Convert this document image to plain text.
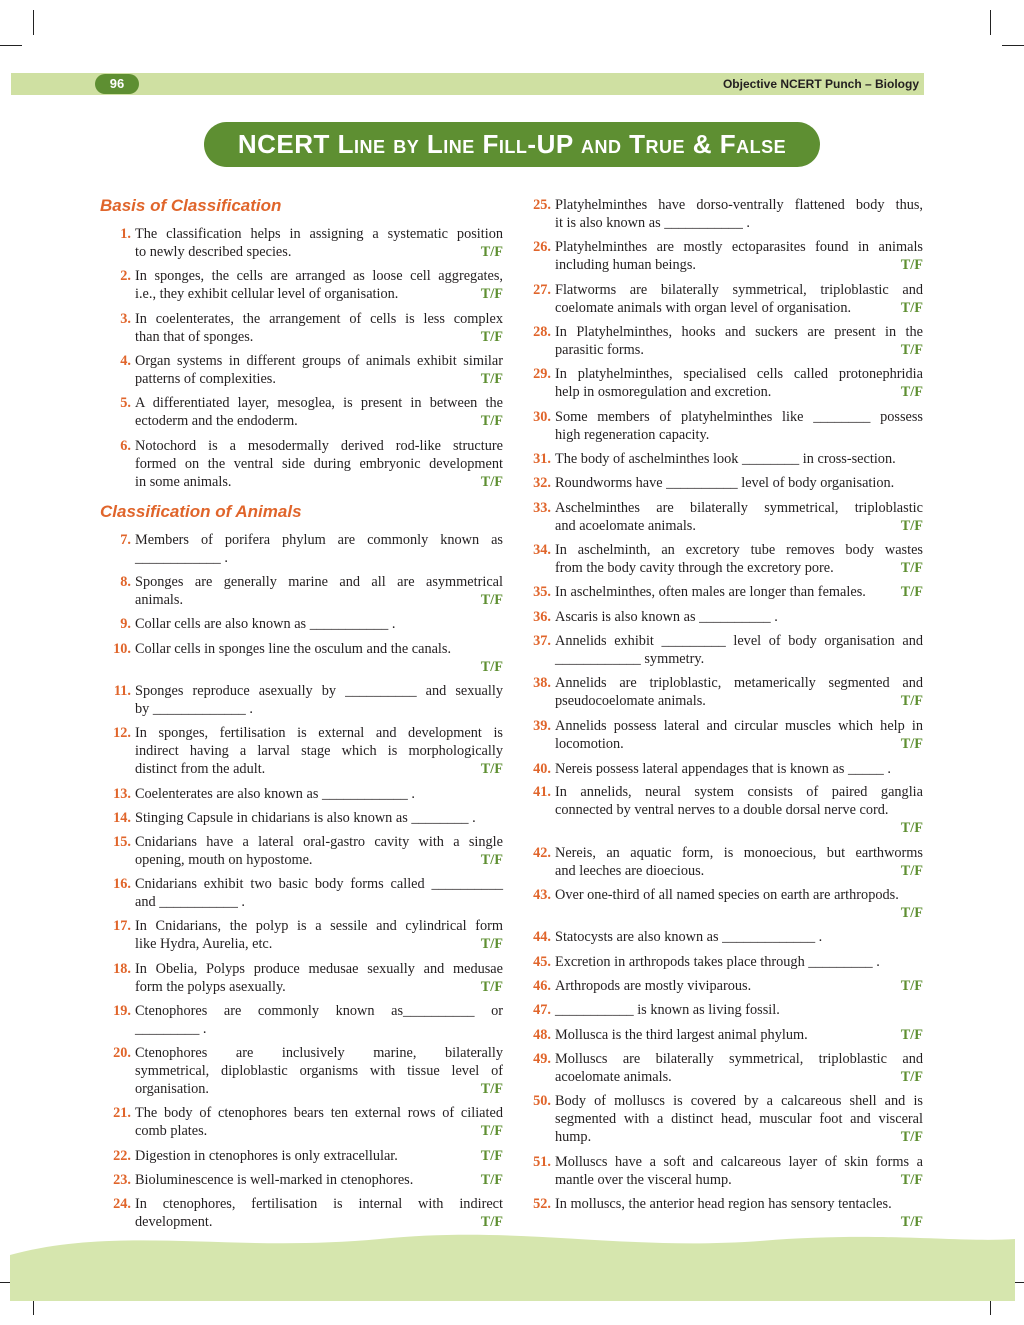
96	Objective NCERT Punch – Biology
NCERT Line by Line Fill-UP and True & False
Basis of Classification
Classification of Animals
1. The classification helps in assigning a systematic position

to newly described species.	T/F
2. In sponges, the cells are arranged as loose cell aggregates,

i.e., they exhibit cellular level of organisation.	T/F
3. In coelenterates, the arrangement of cells is less complex

than that of sponges.	T/F
4. Organ systems in different groups of animals exhibit similar

patterns of complexities.	T/F
5. A differentiated layer, mesoglea, is present in between the

ectoderm and the endoderm.	T/F
6. Notochord is a mesodermally derived rod-like structure

formed on the ventral side during embryonic development

in some animals.	T/F
7. Members of porifera phylum are commonly known as

____________ .

8. Sponges are generally marine and all are asymmetrical

animals.	T/F
9. Collar cells are also known as ___________ .

10. Collar cells in sponges line the osculum and the canals.

T/F
11. Sponges reproduce asexually by __________ and sexually

by _____________ .

12. In sponges, fertilisation is external and development is

indirect having a larval stage which is morphologically

distinct from the adult.	T/F
13. Coelenterates are also known as ____________ .

14. Stinging Capsule in chidarians is also known as ________ .

15. Cnidarians have a lateral oral-gastro cavity with a single

opening, mouth on hypostome.	T/F
16. Cnidarians exhibit two basic body forms called __________

and ___________ .

17. In Cnidarians, the polyp is a sessile and cylindrical form

like Hydra, Aurelia, etc.	T/F
18. In Obelia, Polyps produce medusae sexually and medusae

form the polyps asexually.	T/F
19. Ctenophores are commonly known as__________ or

_________ .

20. Ctenophores are inclusively marine, bilaterally

symmetrical, diploblastic organisms with tissue level of

organisation.	T/F
21. The body of ctenophores bears ten external rows of ciliated

comb plates.	T/F
22. Digestion in ctenophores is only extracellular.	T/F
23. Bioluminescence is well-marked in ctenophores.	T/F
24. In ctenophores, fertilisation is internal with indirect

development.	T/F
25. Platyhelminthes have dorso-ventrally flattened body thus,

it is also known as ___________ .

26. Platyhelminthes are mostly ectoparasites found in animals

including human beings.	T/F
27. Flatworms are bilaterally symmetrical, triploblastic and

coelomate animals with organ level of organisation.	T/F
28. In Platyhelminthes, hooks and suckers are present in the

parasitic forms.	T/F
29. In platyhelminthes, specialised cells called protonephridia

help in osmoregulation and excretion.	T/F
30. Some members of platyhelminthes like ________ possess

high regeneration capacity.

31. The body of aschelminthes look ________ in cross-section.

32. Roundworms have __________ level of body organisation.

33. Aschelminthes are bilaterally symmetrical, triploblastic

and acoelomate animals.	T/F
34. In aschelminth, an excretory tube removes body wastes

from the body cavity through the excretory pore.	T/F
35. In aschelminthes, often males are longer than females.	T/F
36. Ascaris is also known as __________ .

37. Annelids exhibit _________ level of body organisation and

____________ symmetry.

38. Annelids are triploblastic, metamerically segmented and

pseudocoelomate animals.	T/F
39. Annelids possess lateral and circular muscles which help in

locomotion.	T/F
40. Nereis possess lateral appendages that is known as _____ .

41. In annelids, neural system consists of paired ganglia

connected by ventral nerves to a double dorsal nerve cord.

T/F
42. Nereis, an aquatic form, is monoecious, but earthworms

and leeches are dioecious.	T/F
43. Over one-third of all named species on earth are arthropods.

T/F
44. Statocysts are also known as _____________ .

45. Excretion in arthropods takes place through _________ .

46. Arthropods are mostly viviparous.	T/F
47. ___________ is known as living fossil.

48. Mollusca is the third largest animal phylum.	T/F
49. Molluscs are bilaterally symmetrical, triploblastic and

acoelomate animals.	T/F
50. Body of molluscs is covered by a calcareous shell and is

segmented with a distinct head, muscular foot and visceral

hump.	T/F
51. Molluscs have a soft and calcareous layer of skin forms a

mantle over the visceral hump.	T/F
52. In molluscs, the anterior head region has sensory tentacles.

T/F
